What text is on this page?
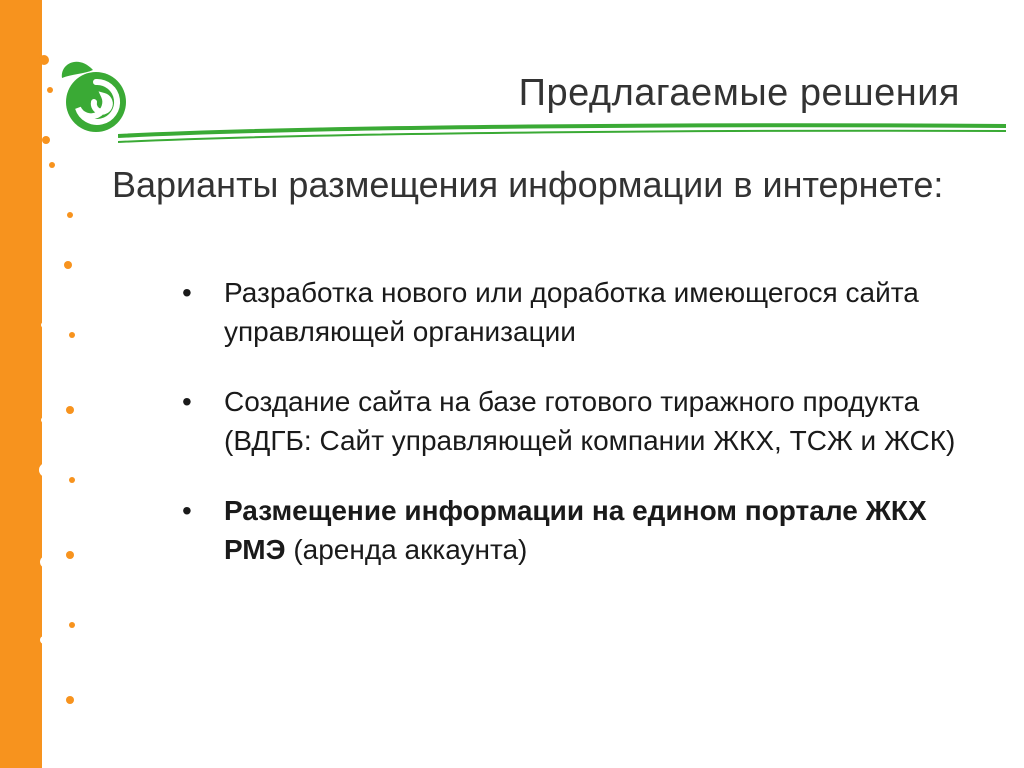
Предлагаемые решения
Варианты размещения информации в интернете:
• Разработка нового или доработка имеющегося сайта управляющей организации
• Создание сайта на базе готового тиражного продукта (ВДГБ: Сайт управляющей компании ЖКХ, ТСЖ и ЖСК)
• Размещение информации на едином портале ЖКХ РМЭ (аренда аккаунта)
